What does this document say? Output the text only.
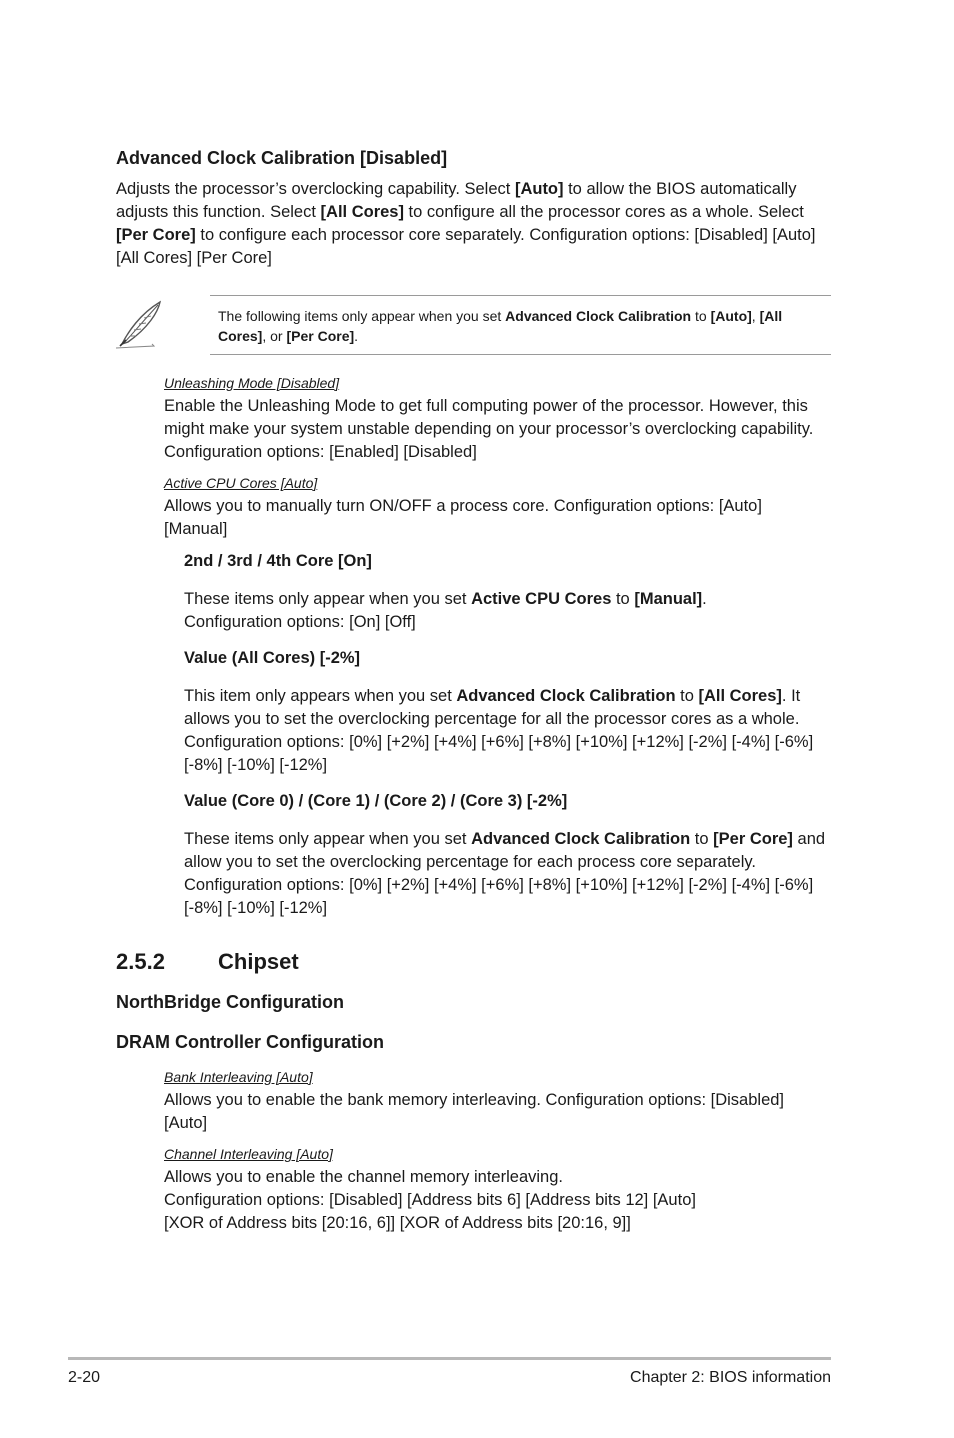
Advanced Clock Calibration [Disabled]
Adjusts the processor’s overclocking capability. Select [Auto] to allow the BIOS automatically adjusts this function. Select [All Cores] to configure all the processor cores as a whole. Select [Per Core] to configure each processor core separately. Configuration options: [Disabled] [Auto] [All Cores] [Per Core]
The following items only appear when you set Advanced Clock Calibration to [Auto], [All Cores], or [Per Core].
Unleashing Mode [Disabled]
Enable the Unleashing Mode to get full computing power of the processor. However, this might make your system unstable depending on your processor’s overclocking capability. Configuration options: [Enabled] [Disabled]
Active CPU Cores [Auto]
Allows you to manually turn ON/OFF a process core. Configuration options: [Auto] [Manual]
2nd / 3rd / 4th Core [On]
These items only appear when you set Active CPU Cores to [Manual]. Configuration options: [On] [Off]
Value (All Cores) [-2%]
This item only appears when you set Advanced Clock Calibration to [All Cores]. It allows you to set the overclocking percentage for all the processor cores as a whole. Configuration options: [0%] [+2%] [+4%] [+6%] [+8%] [+10%] [+12%] [-2%] [-4%] [-6%] [-8%] [-10%] [-12%]
Value (Core 0) / (Core 1) / (Core 2) / (Core 3) [-2%]
These items only appear when you set Advanced Clock Calibration to [Per Core] and allow you to set the overclocking percentage for each process core separately. Configuration options: [0%] [+2%] [+4%] [+6%] [+8%] [+10%] [+12%] [-2%] [-4%] [-6%] [-8%] [-10%] [-12%]
2.5.2 Chipset
NorthBridge Configuration
DRAM Controller Configuration
Bank Interleaving [Auto]
Allows you to enable the bank memory interleaving. Configuration options: [Disabled] [Auto]
Channel Interleaving [Auto]
Allows you to enable the channel memory interleaving.
Configuration options: [Disabled] [Address bits 6] [Address bits 12] [Auto]
[XOR of Address bits [20:16, 6]] [XOR of Address bits [20:16, 9]]
2-20	Chapter 2: BIOS information
